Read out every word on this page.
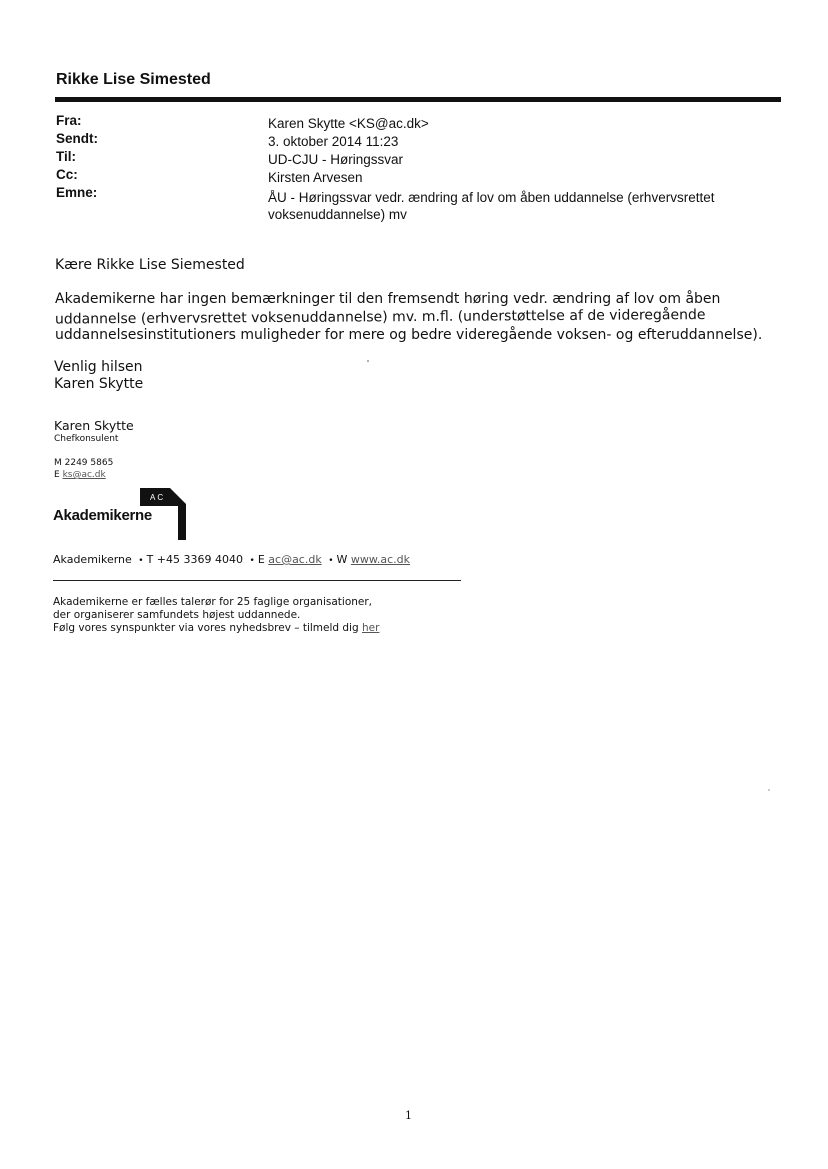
Rikke Lise Simested
Fra:	Karen Skytte <KS@ac.dk>
Sendt:	3. oktober 2014 11:23
Til:	UD-CJU - Høringssvar
Cc:	Kirsten Arvesen
Emne:	ÅU - Høringssvar vedr. ændring af lov om åben uddannelse (erhvervsrettet voksenuddannelse) mv
Kære Rikke Lise Siemested
Akademikerne har ingen bemærkninger til den fremsendt høring vedr. ændring af lov om åben
uddannelse (erhvervsrettet voksenuddannelse) mv. m.fl. (understøttelse af de videregående
uddannelsesinstitutioners muligheder for mere og bedre videregående voksen- og efteruddannelse).
Venlig hilsen
Karen Skytte
Karen Skytte
Chefkonsulent
M 2249 5865
E ks@ac.dk
Akademikerne
AC
Akademikerne • T +45 3369 4040 • E ac@ac.dk • W www.ac.dk
Akademikerne er fælles talerør for 25 faglige organisationer,
der organiserer samfundets højest uddannede.
Følg vores synspunkter via vores nyhedsbrev – tilmeld dig her
1
